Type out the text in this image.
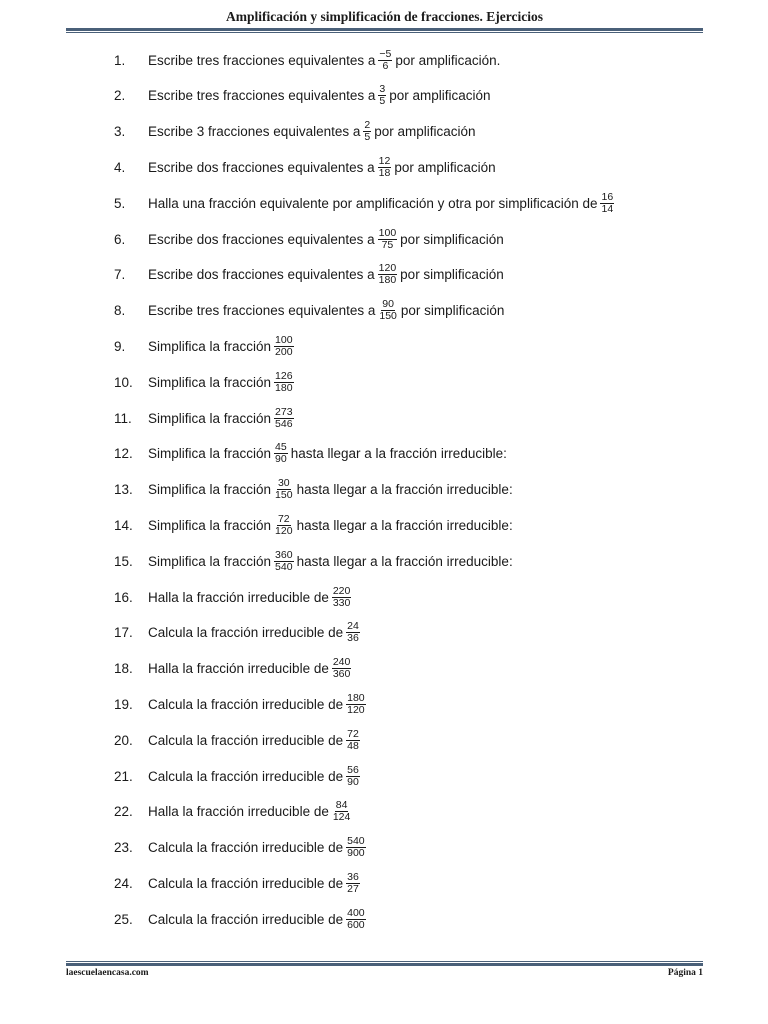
Amplificación y simplificación de fracciones. Ejercicios
1.	Escribe tres fracciones equivalentes a $\frac{-5}{6}$ por amplificación.
2.	Escribe tres fracciones equivalentes a $\frac{3}{5}$ por amplificación
3.	Escribe 3 fracciones equivalentes a $\frac{2}{5}$ por amplificación
4.	Escribe dos fracciones equivalentes a $\frac{12}{18}$ por amplificación
5.	Halla una fracción equivalente por amplificación y otra por simplificación de $\frac{16}{14}$
6.	Escribe dos fracciones equivalentes a $\frac{100}{75}$ por simplificación
7.	Escribe dos fracciones equivalentes a $\frac{120}{180}$ por simplificación
8.	Escribe tres fracciones equivalentes a $\frac{90}{150}$ por simplificación
9.	Simplifica la fracción $\frac{100}{200}$
10.	Simplifica la fracción $\frac{126}{180}$
11.	Simplifica la fracción $\frac{273}{546}$
12.	Simplifica la fracción $\frac{45}{90}$ hasta llegar a la fracción irreducible:
13.	Simplifica la fracción $\frac{30}{150}$ hasta llegar a la fracción irreducible:
14.	Simplifica la fracción $\frac{72}{120}$ hasta llegar a la fracción irreducible:
15.	Simplifica la fracción $\frac{360}{540}$ hasta llegar a la fracción irreducible:
16.	Halla la fracción irreducible de $\frac{220}{330}$
17.	Calcula la fracción irreducible de $\frac{24}{36}$
18.	Halla la fracción irreducible de $\frac{240}{360}$
19.	Calcula la fracción irreducible de $\frac{180}{120}$
20.	Calcula la fracción irreducible de $\frac{72}{48}$
21.	Calcula la fracción irreducible de $\frac{56}{90}$
22.	Halla la fracción irreducible de $\frac{84}{124}$
23.	Calcula la fracción irreducible de $\frac{540}{900}$
24.	Calcula la fracción irreducible de $\frac{36}{27}$
25.	Calcula la fracción irreducible de $\frac{400}{600}$
laescuelaencasa.com	Página 1
